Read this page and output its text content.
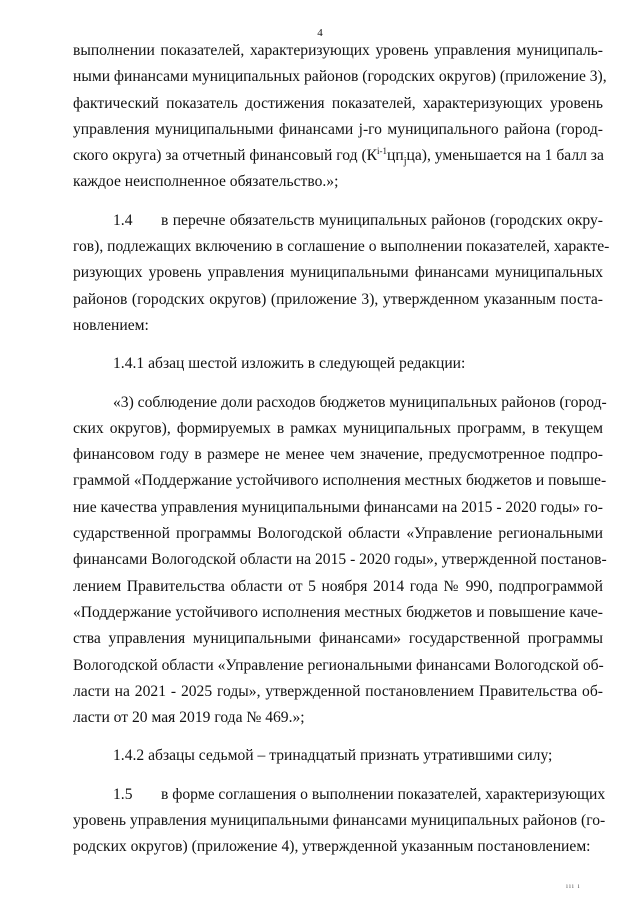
4
выполнении показателей, характеризующих уровень управления муниципаль-
ными финансами муниципальных районов (городских округов) (приложение 3),
фактический показатель достижения показателей, характеризующих уровень
управления муниципальными финансами j-го муниципального района (город-
ского округа) за отчетный финансовый год $(К^{i-1}цп_jца)$, уменьшается на 1 балл за
каждое неисполненное обязательство.»;
1.4 в перечне обязательств муниципальных районов (городских окру-
гов), подлежащих включению в соглашение о выполнении показателей, характе-
ризующих уровень управления муниципальными финансами муниципальных
районов (городских округов) (приложение 3), утвержденном указанным поста-
новлением:
1.4.1 абзац шестой изложить в следующей редакции:
«3) соблюдение доли расходов бюджетов муниципальных районов (город-
ских округов), формируемых в рамках муниципальных программ, в текущем
финансовом году в размере не менее чем значение, предусмотренное подпро-
граммой «Поддержание устойчивого исполнения местных бюджетов и повыше-
ние качества управления муниципальными финансами на 2015 - 2020 годы» го-
сударственной программы Вологодской области «Управление региональными
финансами Вологодской области на 2015 - 2020 годы», утвержденной постанов-
лением Правительства области от 5 ноября 2014 года № 990, подпрограммой
«Поддержание устойчивого исполнения местных бюджетов и повышение каче-
ства управления муниципальными финансами» государственной программы
Вологодской области «Управление региональными финансами Вологодской об-
ласти на 2021 - 2025 годы», утвержденной постановлением Правительства об-
ласти от 20 мая 2019 года № 469.»;
1.4.2 абзацы седьмой – тринадцатый признать утратившими силу;
1.5 в форме соглашения о выполнении показателей, характеризующих
уровень управления муниципальными финансами муниципальных районов (го-
родских округов) (приложение 4), утвержденной указанным постановлением:
ııı ı
